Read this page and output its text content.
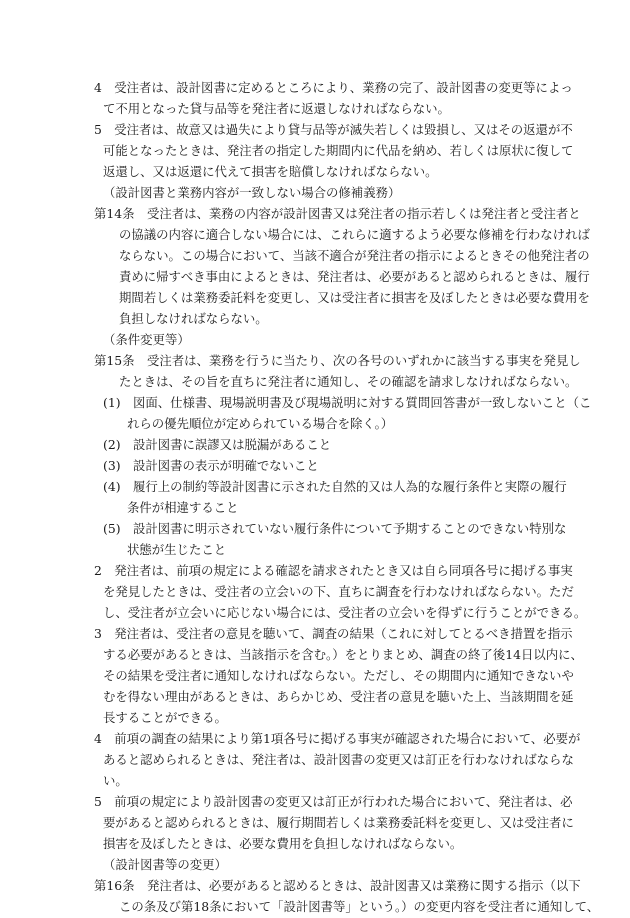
4　受注者は、設計図書に定めるところにより、業務の完了、設計図書の変更等によっ
て不用となった貸与品等を発注者に返還しなければならない。
5　受注者は、故意又は過失により貸与品等が滅失若しくは毀損し、又はその返還が不
可能となったときは、発注者の指定した期間内に代品を納め、若しくは原状に復して
返還し、又は返還に代えて損害を賠償しなければならない。
（設計図書と業務内容が一致しない場合の修補義務）
第14条　受注者は、業務の内容が設計図書又は発注者の指示若しくは発注者と受注者と
の協議の内容に適合しない場合には、これらに適するよう必要な修補を行わなければ
ならない。この場合において、当該不適合が発注者の指示によるときその他発注者の
責めに帰すべき事由によるときは、発注者は、必要があると認められるときは、履行
期間若しくは業務委託料を変更し、又は受注者に損害を及ぼしたときは必要な費用を
負担しなければならない。
（条件変更等）
第15条　受注者は、業務を行うに当たり、次の各号のいずれかに該当する事実を発見し
たときは、その旨を直ちに発注者に通知し、その確認を請求しなければならない。
(1)　図面、仕様書、現場説明書及び現場説明に対する質問回答書が一致しないこと（こ
れらの優先順位が定められている場合を除く。）
(2)　設計図書に誤謬又は脱漏があること
(3)　設計図書の表示が明確でないこと
(4)　履行上の制約等設計図書に示された自然的又は人為的な履行条件と実際の履行
条件が相違すること
(5)　設計図書に明示されていない履行条件について予期することのできない特別な
状態が生じたこと
2　発注者は、前項の規定による確認を請求されたとき又は自ら同項各号に掲げる事実
を発見したときは、受注者の立会いの下、直ちに調査を行わなければならない。ただ
し、受注者が立会いに応じない場合には、受注者の立会いを得ずに行うことができる。
3　発注者は、受注者の意見を聴いて、調査の結果（これに対してとるべき措置を指示
する必要があるときは、当該指示を含む。）をとりまとめ、調査の終了後14日以内に、
その結果を受注者に通知しなければならない。ただし、その期間内に通知できないや
むを得ない理由があるときは、あらかじめ、受注者の意見を聴いた上、当該期間を延
長することができる。
4　前項の調査の結果により第1項各号に掲げる事実が確認された場合において、必要が
あると認められるときは、発注者は、設計図書の変更又は訂正を行わなければならな
い。
5　前項の規定により設計図書の変更又は訂正が行われた場合において、発注者は、必
要があると認められるときは、履行期間若しくは業務委託料を変更し、又は受注者に
損害を及ぼしたときは、必要な費用を負担しなければならない。
（設計図書等の変更）
第16条　発注者は、必要があると認めるときは、設計図書又は業務に関する指示（以下
この条及び第18条において「設計図書等」という。）の変更内容を受注者に通知して、
